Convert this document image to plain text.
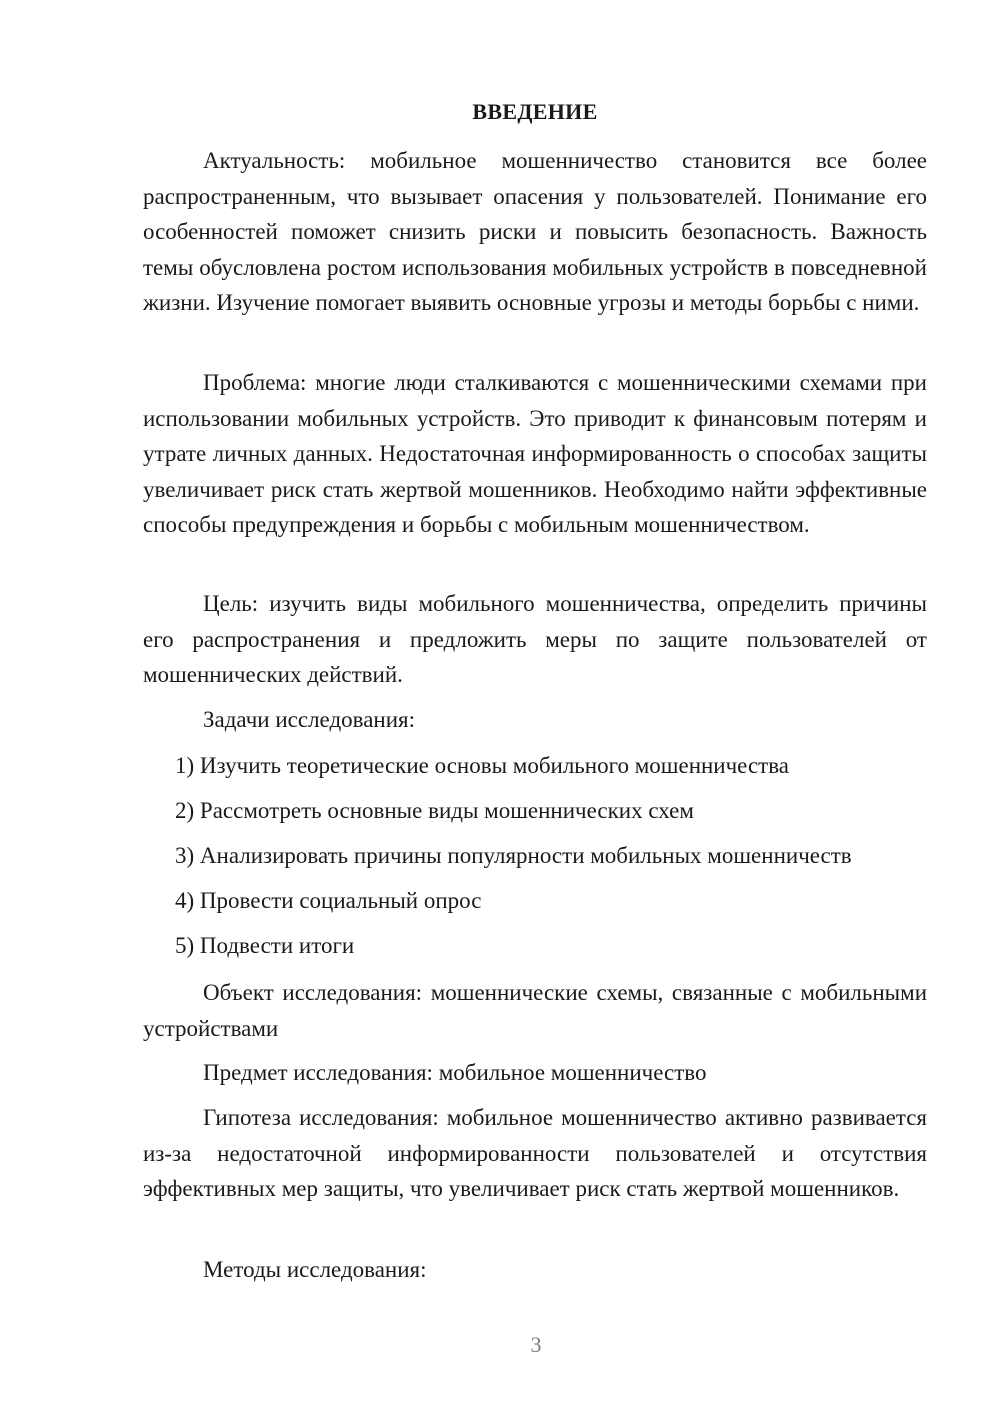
ВВЕДЕНИЕ

Актуальность: мобильное мошенничество становится все более распространенным, что вызывает опасения у пользователей. Понимание его особенностей поможет снизить риски и повысить безопасность. Важность темы обусловлена ростом использования мобильных устройств в повседневной жизни. Изучение помогает выявить основные угрозы и методы борьбы с ними.

Проблема: многие люди сталкиваются с мошенническими схемами при использовании мобильных устройств. Это приводит к финансовым потерям и утрате личных данных. Недостаточная информированность о способах защиты увеличивает риск стать жертвой мошенников. Необходимо найти эффективные способы предупреждения и борьбы с мобильным мошенничеством.

Цель: изучить виды мобильного мошенничества, определить причины его распространения и предложить меры по защите пользователей от мошеннических действий.

Задачи исследования:
1) Изучить теоретические основы мобильного мошенничества
2) Рассмотреть основные виды мошеннических схем
3) Анализировать причины популярности мобильных мошенничеств
4) Провести социальный опрос
5) Подвести итоги

Объект исследования: мошеннические схемы, связанные с мобильными устройствами

Предмет исследования: мобильное мошенничество

Гипотеза исследования: мобильное мошенничество активно развивается из-за недостаточной информированности пользователей и отсутствия эффективных мер защиты, что увеличивает риск стать жертвой мошенников.

Методы исследования:
3
